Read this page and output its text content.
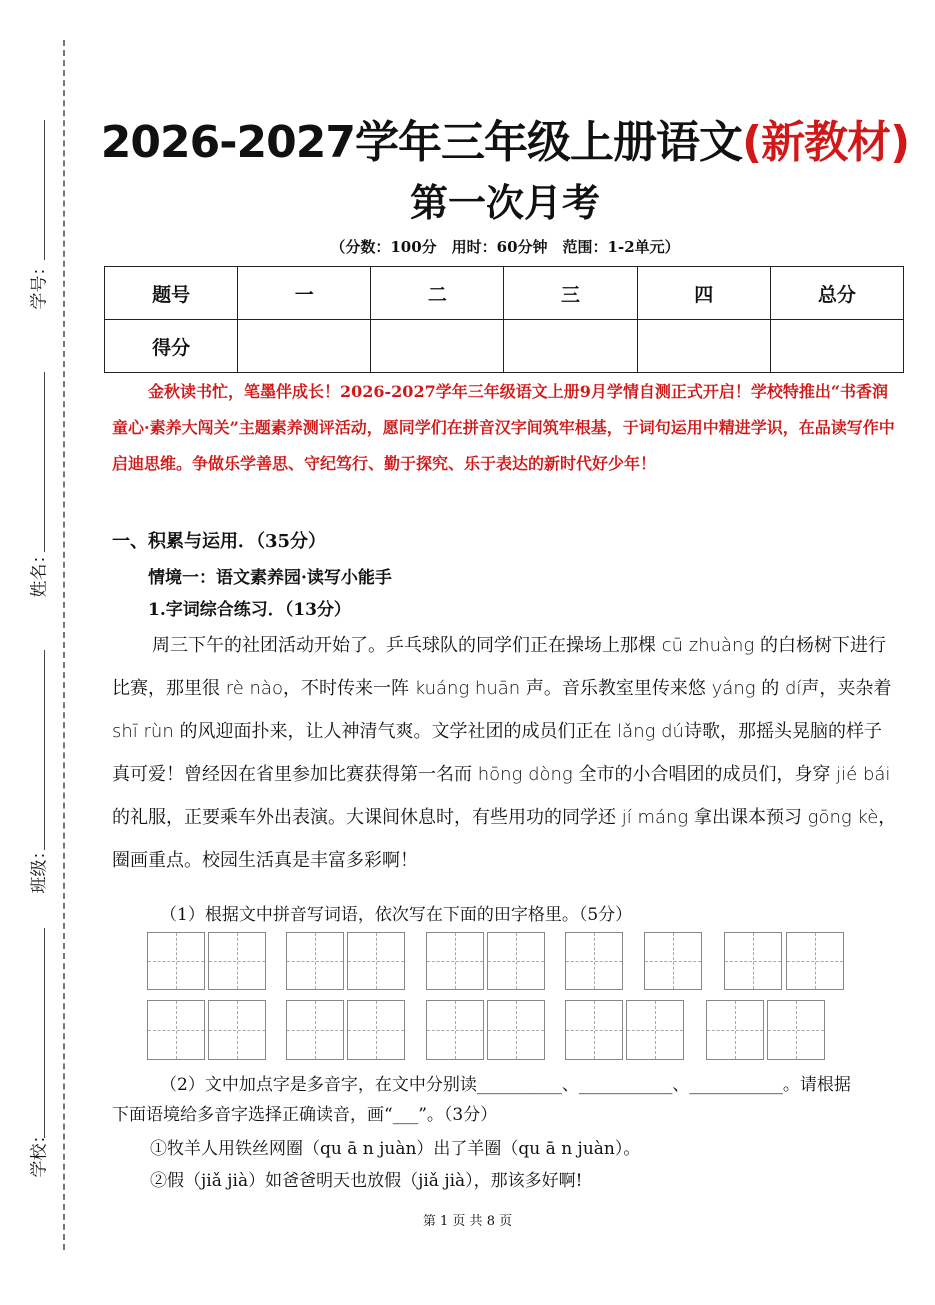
学号：
姓名：
班级：
学校：
2026-2027学年三年级上册语文(新教材)
第一次月考
（分数：100分　用时：60分钟　范围：1-2单元）
题号	一	二	三	四	总分
得分					
金秋读书忙，笔墨伴成长！2026-2027学年三年级语文上册9月学情自测正式开启！学校特推出“书香润童心·素养大闯关”主题素养测评活动，愿同学们在拼音汉字间筑牢根基，于词句运用中精进学识，在品读写作中启迪思维。争做乐学善思、守纪笃行、勤于探究、乐于表达的新时代好少年！
一、积累与运用．（35分）
情境一：语文素养园·读写小能手
1.字词综合练习．（13分）

周三下午的社团活动开始了。乒乓球队的同学们正在操场上那棵 cū zhuàng 的白杨树下进行比赛，那里很 rè nào，不时传来一阵 kuáng huān 声。音乐教室里传来悠 yáng 的 dí声，夹杂着 shī rùn 的风迎面扑来，让人神清气爽。文学社团的成员们正在 lǎng dú诗歌，那摇头晃脑的样子真可爱！曾经因在省里参加比赛获得第一名而 hōng dòng 全市的小合唱团的成员们，身穿 jié bái 的礼服，正要乘车外出表演。大课间休息时，有些用功的同学还 jí máng 拿出课本预习 gōng kè，圈画重点。校园生活真是丰富多彩啊！

（1）根据文中拼音写词语，依次写在下面的田字格里。（5分）

（2）文中加点字是多音字，在文中分别读__________、___________、___________。请根据

下面语境给多音字选择正确读音，画“___”。（3分）

①牧羊人用铁丝网圈（qu ā n juàn）出了羊圈（qu ā n juàn）。
②假（jiǎ jià）如爸爸明天也放假（jiǎ jià），那该多好啊!
第 1 页 共 8 页
